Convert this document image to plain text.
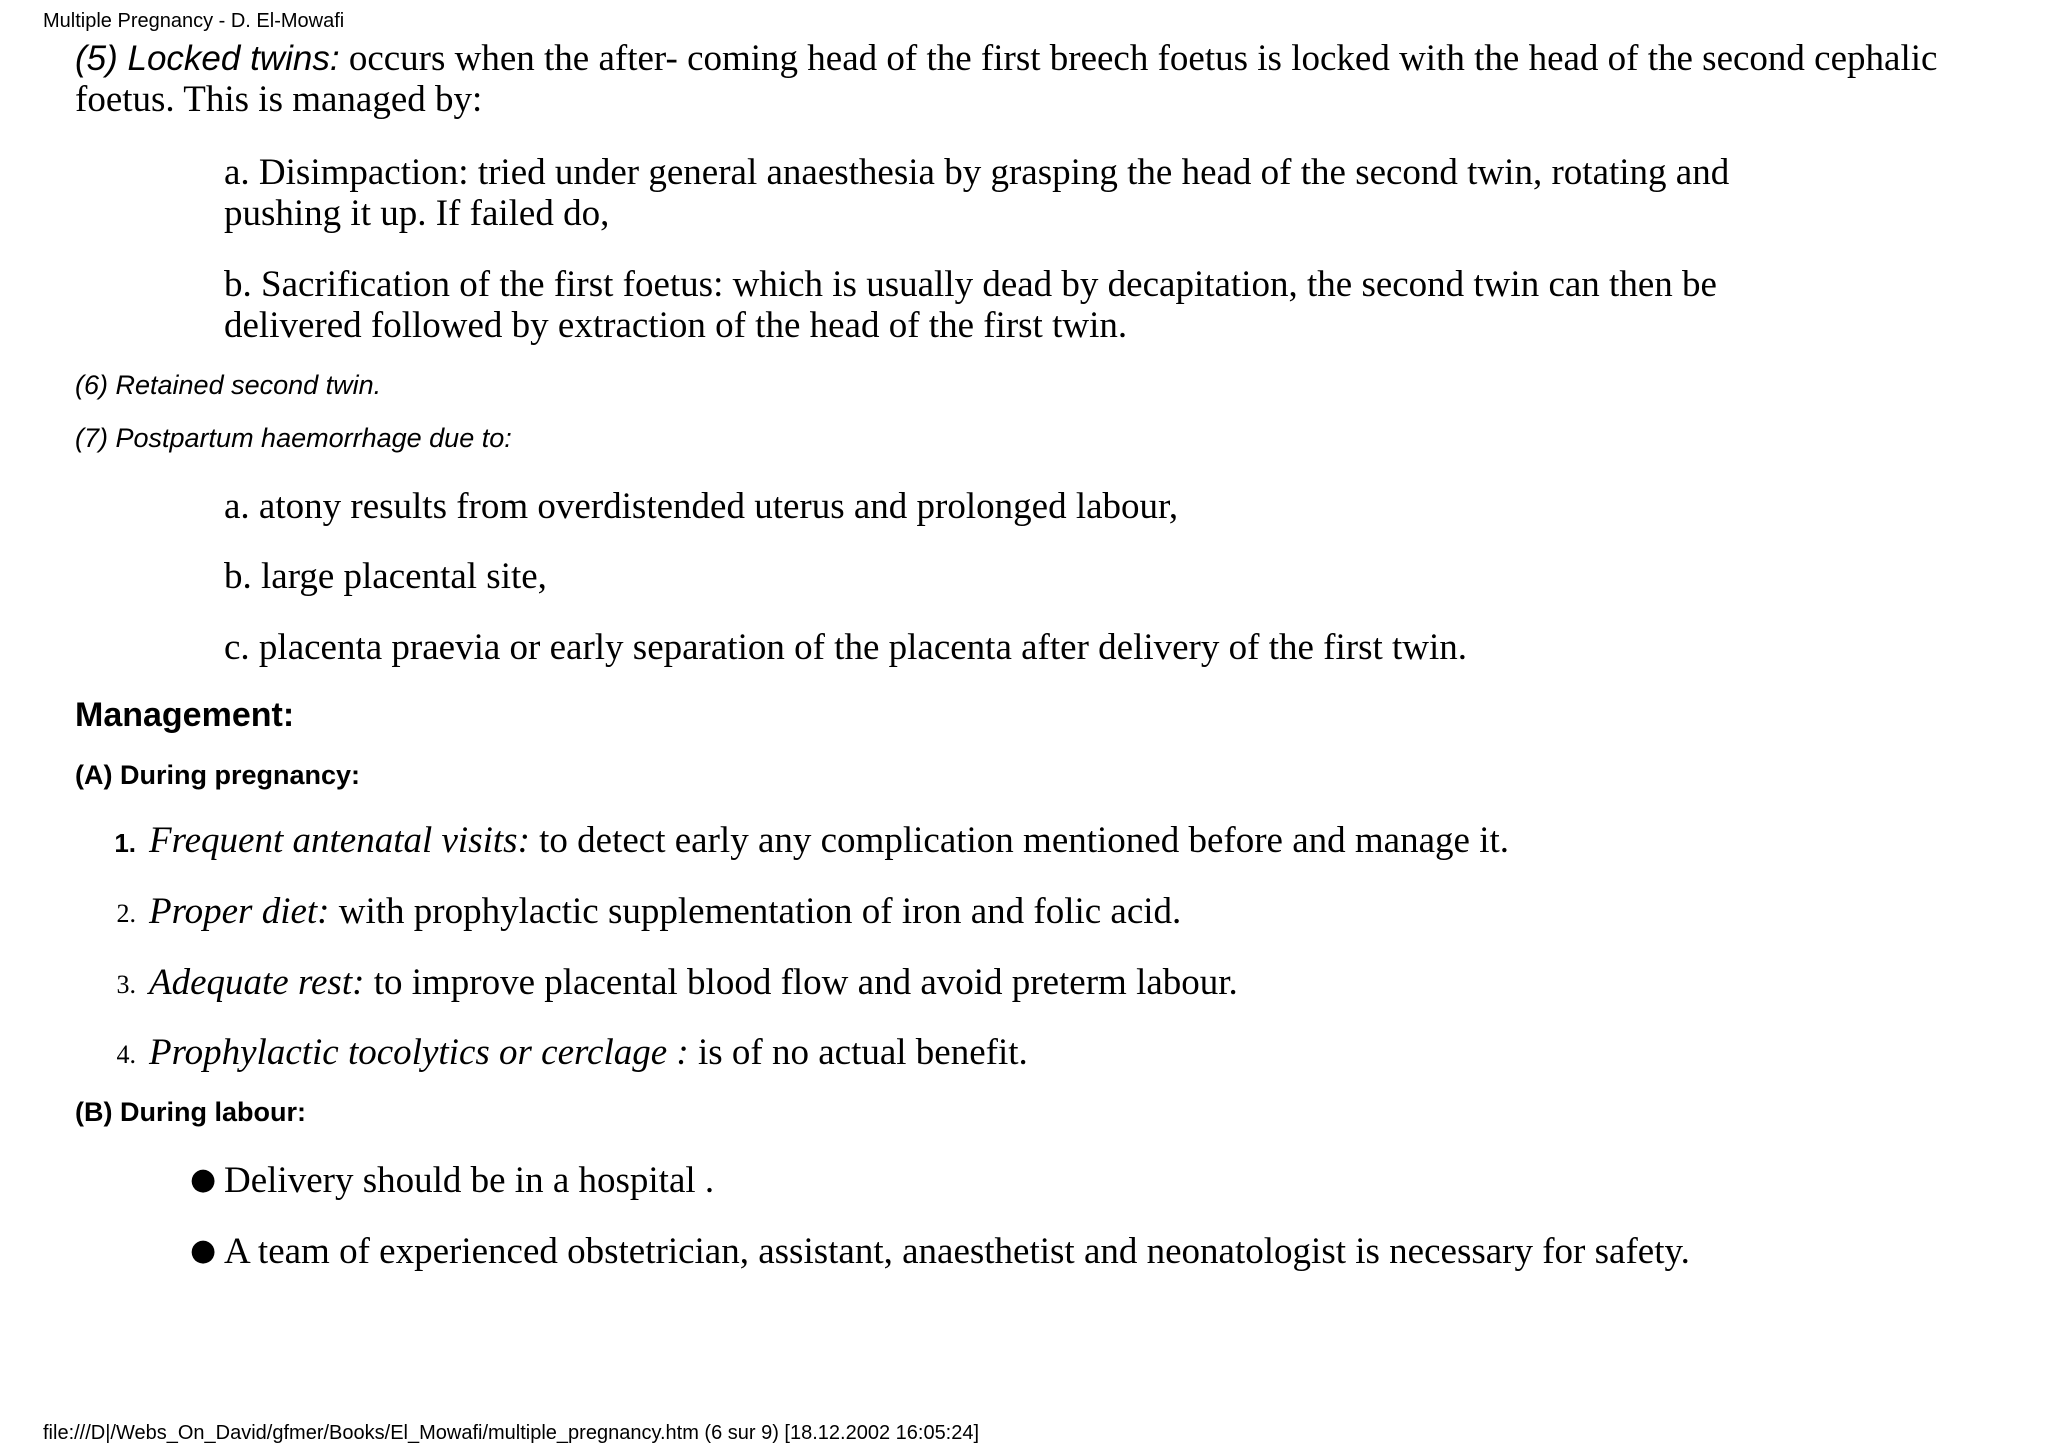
Multiple Pregnancy - D. El-Mowafi
(5) Locked twins: occurs when the after- coming head of the first breech foetus is locked with the head of the second cephalic foetus. This is managed by:
a. Disimpaction: tried under general anaesthesia by grasping the head of the second twin, rotating and pushing it up. If failed do,
b. Sacrification of the first foetus: which is usually dead by decapitation, the second twin can then be delivered followed by extraction of the head of the first twin.
(6) Retained second twin.
(7) Postpartum haemorrhage due to:
a. atony results from overdistended uterus and prolonged labour,
b. large placental site,
c. placenta praevia or early separation of the placenta after delivery of the first twin.
Management:
(A) During pregnancy:
1. Frequent antenatal visits: to detect early any complication mentioned before and manage it.
2. Proper diet: with prophylactic supplementation of iron and folic acid.
3. Adequate rest: to improve placental blood flow and avoid preterm labour.
4. Prophylactic tocolytics or cerclage : is of no actual benefit.
(B) During labour:
● Delivery should be in a hospital .
● A team of experienced obstetrician, assistant, anaesthetist and neonatologist is necessary for safety.
file:///D|/Webs_On_David/gfmer/Books/El_Mowafi/multiple_pregnancy.htm (6 sur 9) [18.12.2002 16:05:24]
